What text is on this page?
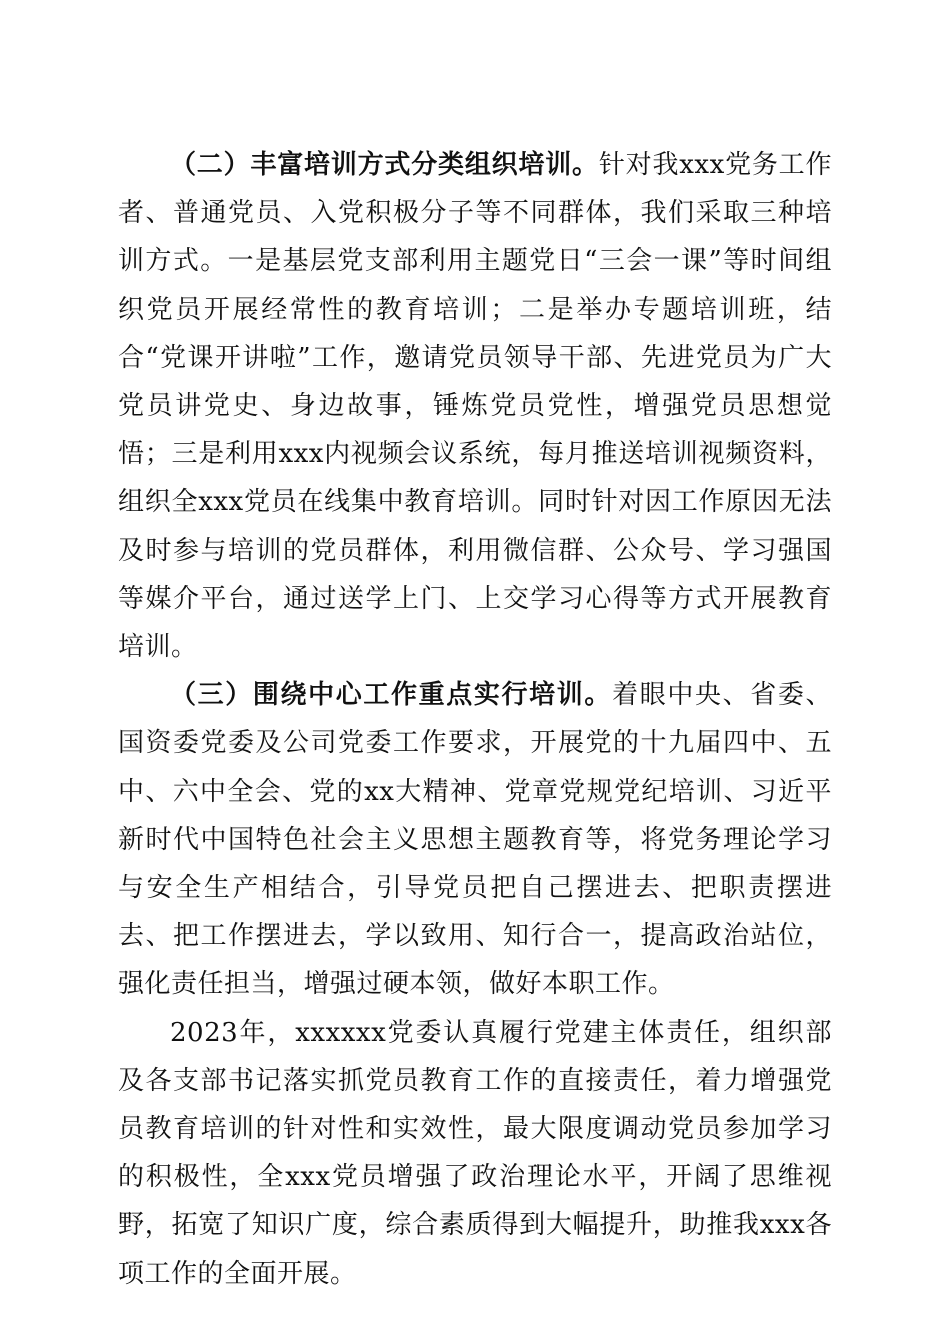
（二）丰富培训方式分类组织培训。针对我xxx党务工作者、普通党员、入党积极分子等不同群体，我们采取三种培训方式。一是基层党支部利用主题党日“三会一课”等时间组织党员开展经常性的教育培训；二是举办专题培训班，结合“党课开讲啦”工作，邀请党员领导干部、先进党员为广大党员讲党史、身边故事，锤炼党员党性，增强党员思想觉悟；三是利用xxx内视频会议系统，每月推送培训视频资料，组织全xxx党员在线集中教育培训。同时针对因工作原因无法及时参与培训的党员群体，利用微信群、公众号、学习强国等媒介平台，通过送学上门、上交学习心得等方式开展教育培训。

（三）围绕中心工作重点实行培训。着眼中央、省委、国资委党委及公司党委工作要求，开展党的十九届四中、五中、六中全会、党的xx大精神、党章党规党纪培训、习近平新时代中国特色社会主义思想主题教育等，将党务理论学习与安全生产相结合，引导党员把自己摆进去、把职责摆进去、把工作摆进去，学以致用、知行合一，提高政治站位，强化责任担当，增强过硬本领，做好本职工作。

2023年，xxxxxx党委认真履行党建主体责任，组织部及各支部书记落实抓党员教育工作的直接责任，着力增强党员教育培训的针对性和实效性，最大限度调动党员参加学习的积极性，全xxx党员增强了政治理论水平，开阔了思维视野，拓宽了知识广度，综合素质得到大幅提升，助推我xxx各项工作的全面开展。
